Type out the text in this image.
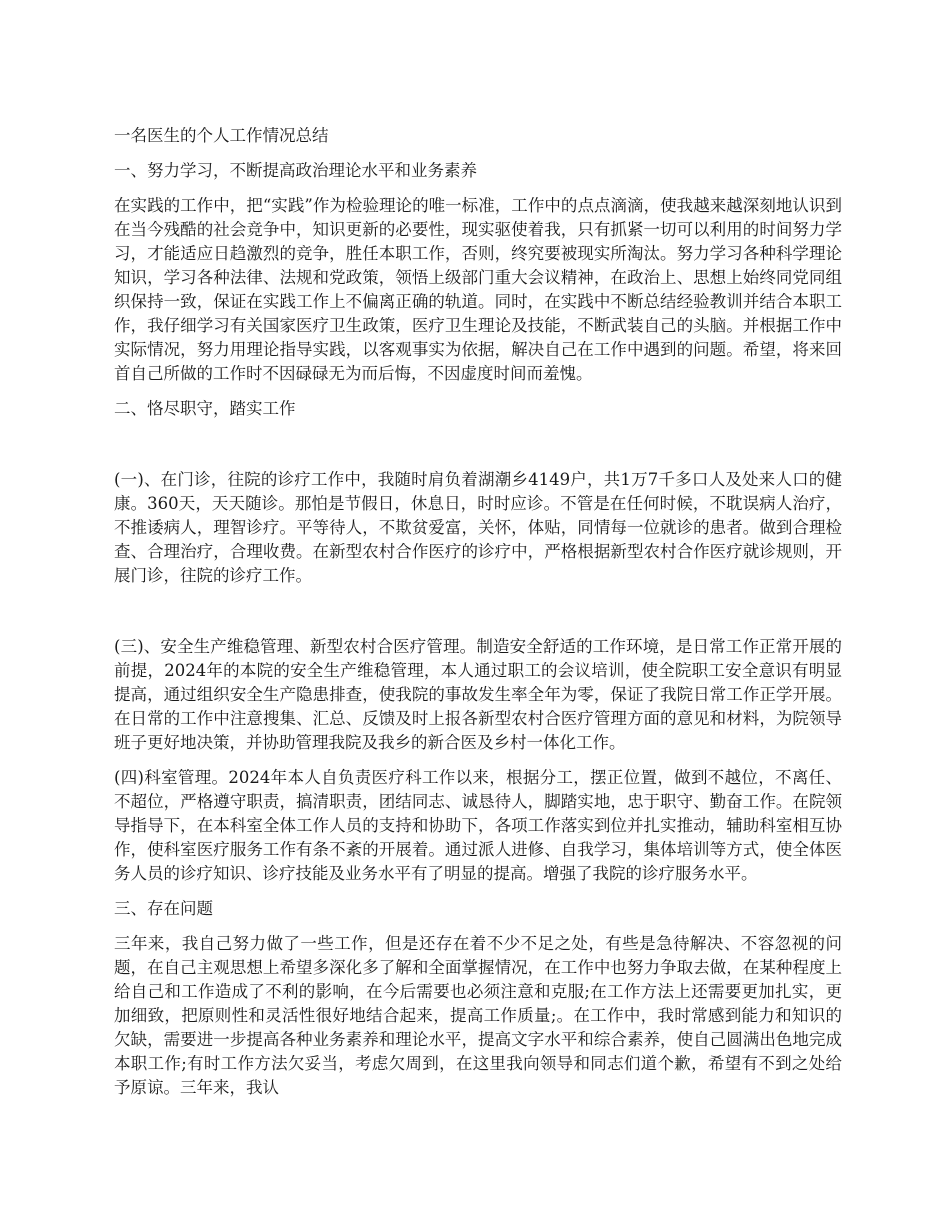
一名医生的个人工作情况总结

一、努力学习，不断提高政治理论水平和业务素养

在实践的工作中，把“实践”作为检验理论的唯一标准，工作中的点点滴滴，使我越来越深刻地认识到在当今残酷的社会竞争中，知识更新的必要性，现实驱使着我，只有抓紧一切可以利用的时间努力学习，才能适应日趋激烈的竞争，胜任本职工作，否则，终究要被现实所淘汰。努力学习各种科学理论知识，学习各种法律、法规和党政策，领悟上级部门重大会议精神，在政治上、思想上始终同党同组织保持一致，保证在实践工作上不偏离正确的轨道。同时，在实践中不断总结经验教训并结合本职工作，我仔细学习有关国家医疗卫生政策，医疗卫生理论及技能，不断武装自己的头脑。并根据工作中实际情况，努力用理论指导实践，以客观事实为依据，解决自己在工作中遇到的问题。希望，将来回首自己所做的工作时不因碌碌无为而后悔，不因虚度时间而羞愧。

二、恪尽职守，踏实工作

(一)、在门诊，往院的诊疗工作中，我随时肩负着湖潮乡4149户，共1万7千多口人及处来人口的健康。360天，天天随诊。那怕是节假日，休息日，时时应诊。不管是在任何时候，不耽误病人治疗，不推诿病人，理智诊疗。平等待人，不欺贫爱富，关怀，体贴，同情每一位就诊的患者。做到合理检查、合理治疗，合理收费。在新型农村合作医疗的诊疗中，严格根据新型农村合作医疗就诊规则，开展门诊，往院的诊疗工作。

(三)、安全生产维稳管理、新型农村合医疗管理。制造安全舒适的工作环境，是日常工作正常开展的前提，2024年的本院的安全生产维稳管理，本人通过职工的会议培训，使全院职工安全意识有明显提高，通过组织安全生产隐患排查，使我院的事故发生率全年为零，保证了我院日常工作正学开展。在日常的工作中注意搜集、汇总、反馈及时上报各新型农村合医疗管理方面的意见和材料，为院领导班子更好地决策，并协助管理我院及我乡的新合医及乡村一体化工作。

(四)科室管理。2024年本人自负责医疗科工作以来，根据分工，摆正位置，做到不越位，不离任、不超位，严格遵守职责，搞清职责，团结同志、诚恳待人，脚踏实地，忠于职守、勤奋工作。在院领导指导下，在本科室全体工作人员的支持和协助下，各项工作落实到位并扎实推动，辅助科室相互协作，使科室医疗服务工作有条不紊的开展着。通过派人进修、自我学习，集体培训等方式，使全体医务人员的诊疗知识、诊疗技能及业务水平有了明显的提高。增强了我院的诊疗服务水平。

三、存在问题

三年来，我自己努力做了一些工作，但是还存在着不少不足之处，有些是急待解决、不容忽视的问题，在自己主观思想上希望多深化多了解和全面掌握情况，在工作中也努力争取去做，在某种程度上给自己和工作造成了不利的影响，在今后需要也必须注意和克服;在工作方法上还需要更加扎实，更加细致，把原则性和灵活性很好地结合起来，提高工作质量;。在工作中，我时常感到能力和知识的欠缺，需要进一步提高各种业务素养和理论水平，提高文字水平和综合素养，使自己圆满出色地完成本职工作;有时工作方法欠妥当，考虑欠周到，在这里我向领导和同志们道个歉，希望有不到之处给予原谅。三年来，我认
